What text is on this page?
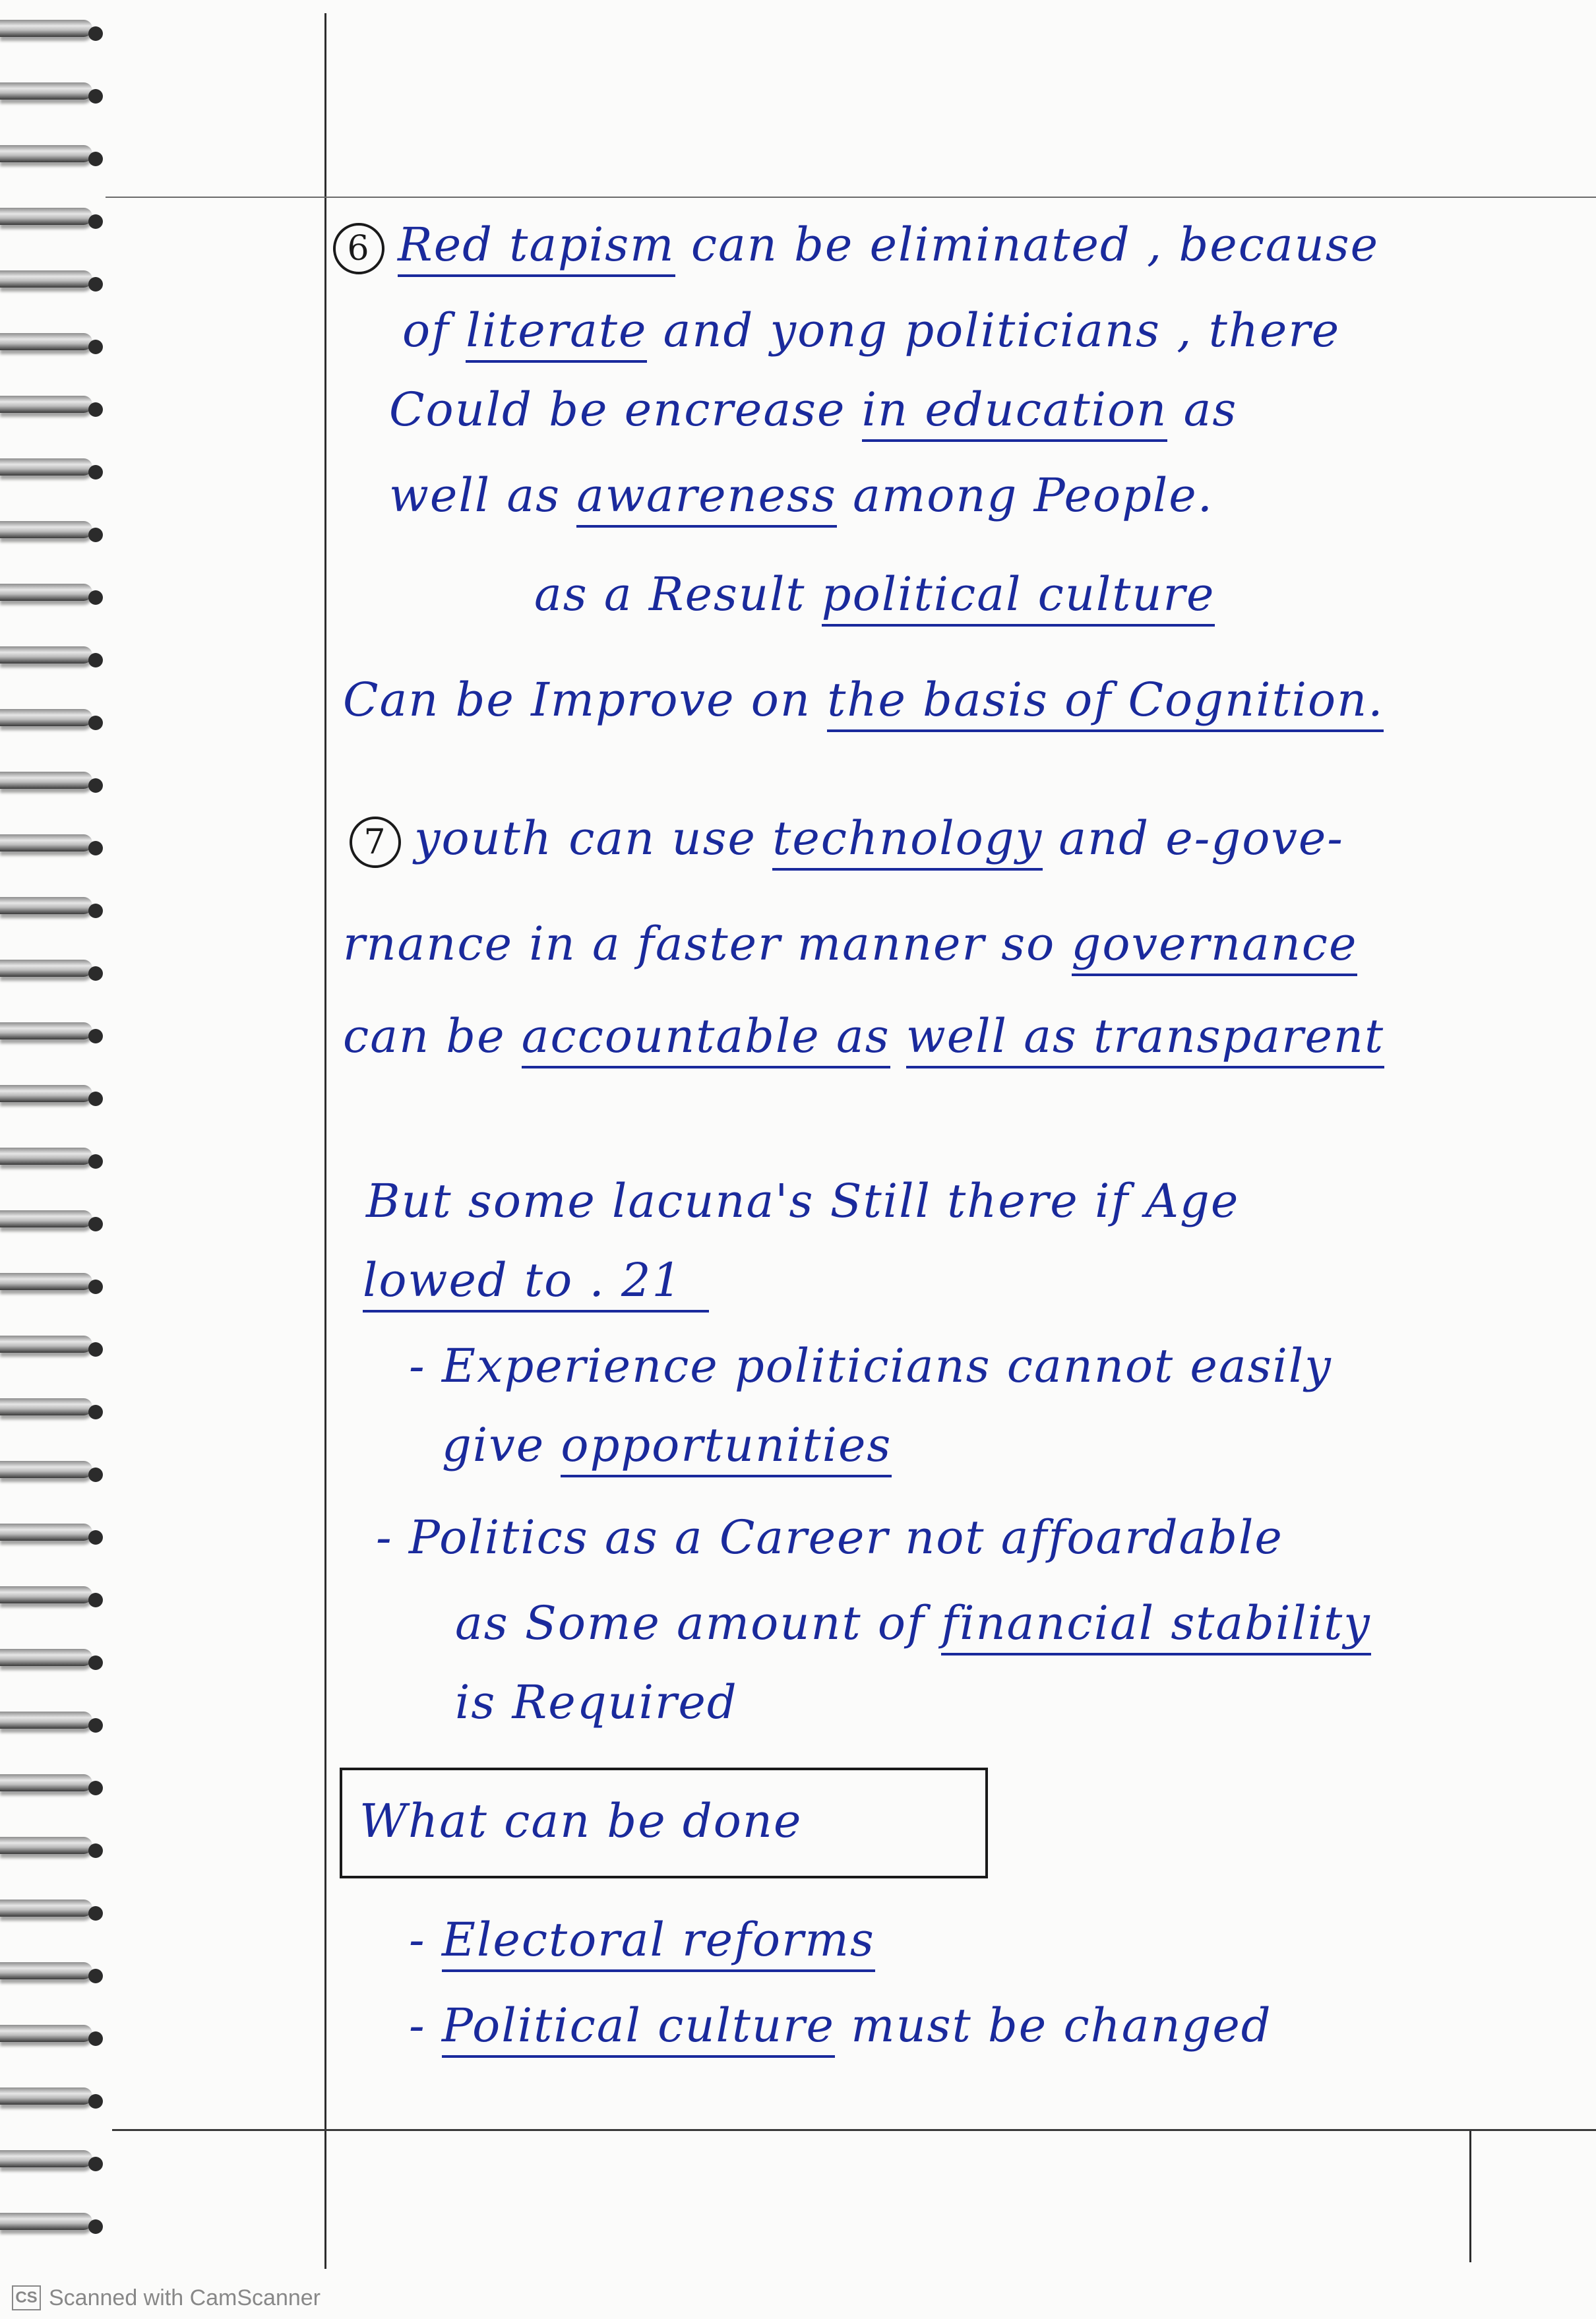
6 Red tapism can be eliminated , because
of literate and yong politicians , there
Could be encrease in education as
well as awareness among People.
as a Result political culture
Can be Improve on the basis of Cognition.
7 youth can use technology and e-gove-
rnance in a faster manner so governance
can be accountable as well as transparent
But some lacuna's Still there if Age
lowed to . 21
- Experience politicians cannot easily
give opportunities
- Politics as a Career not affoardable
as Some amount of financial stability
is Required
What can be done
- Electoral reforms
- Political culture must be changed
CS Scanned with CamScanner
